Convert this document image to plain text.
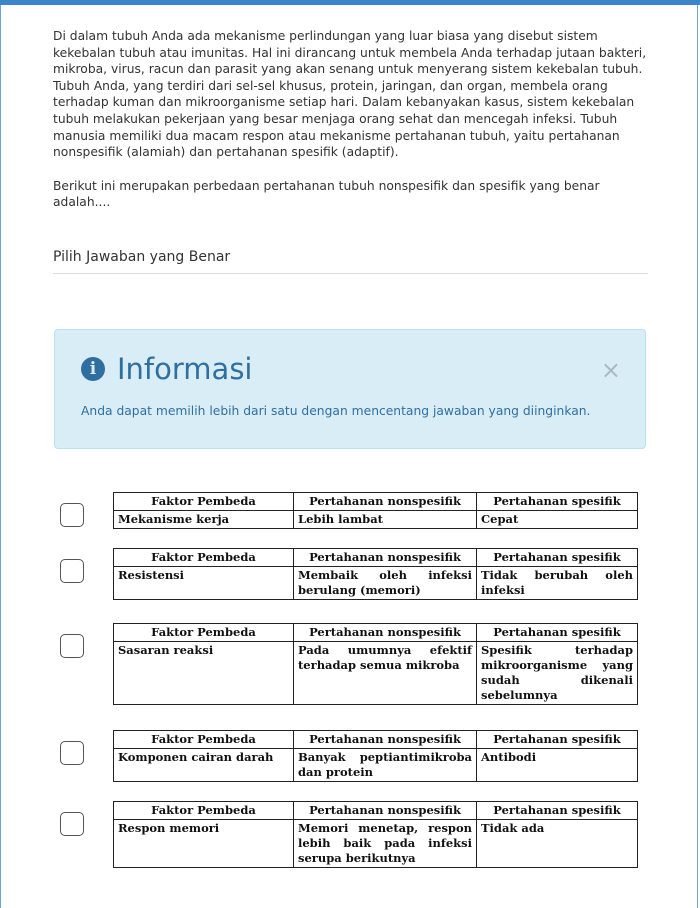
Di dalam tubuh Anda ada mekanisme perlindungan yang luar biasa yang disebut sistem kekebalan tubuh atau imunitas. Hal ini dirancang untuk membela Anda terhadap jutaan bakteri, mikroba, virus, racun dan parasit yang akan senang untuk menyerang sistem kekebalan tubuh. Tubuh Anda, yang terdiri dari sel-sel khusus, protein, jaringan, dan organ, membela orang terhadap kuman dan mikroorganisme setiap hari. Dalam kebanyakan kasus, sistem kekebalan tubuh melakukan pekerjaan yang besar menjaga orang sehat dan mencegah infeksi. Tubuh manusia memiliki dua macam respon atau mekanisme pertahanan tubuh, yaitu pertahanan nonspesifik (alamiah) dan pertahanan spesifik (adaptif).

Berikut ini merupakan perbedaan pertahanan tubuh nonspesifik dan spesifik yang benar adalah....

Pilih Jawaban yang Benar
i Informasi	×
Anda dapat memilih lebih dari satu dengan mencentang jawaban yang diinginkan.
Faktor Pembeda	Pertahanan nonspesifik	Pertahanan spesifik
Mekanisme kerja	Lebih lambat	Cepat
Faktor Pembeda	Pertahanan nonspesifik	Pertahanan spesifik
Resistensi	Membaik oleh infeksi berulang (memori)	Tidak berubah oleh infeksi
Faktor Pembeda	Pertahanan nonspesifik	Pertahanan spesifik
Sasaran reaksi	Pada umumnya efektif terhadap semua mikroba	Spesifik terhadap mikroorganisme yang sudah dikenali sebelumnya
Faktor Pembeda	Pertahanan nonspesifik	Pertahanan spesifik
Komponen cairan darah	Banyak peptiantimikroba dan protein	Antibodi
Faktor Pembeda	Pertahanan nonspesifik	Pertahanan spesifik
Respon memori	Memori menetap, respon lebih baik pada infeksi serupa berikutnya	Tidak ada
